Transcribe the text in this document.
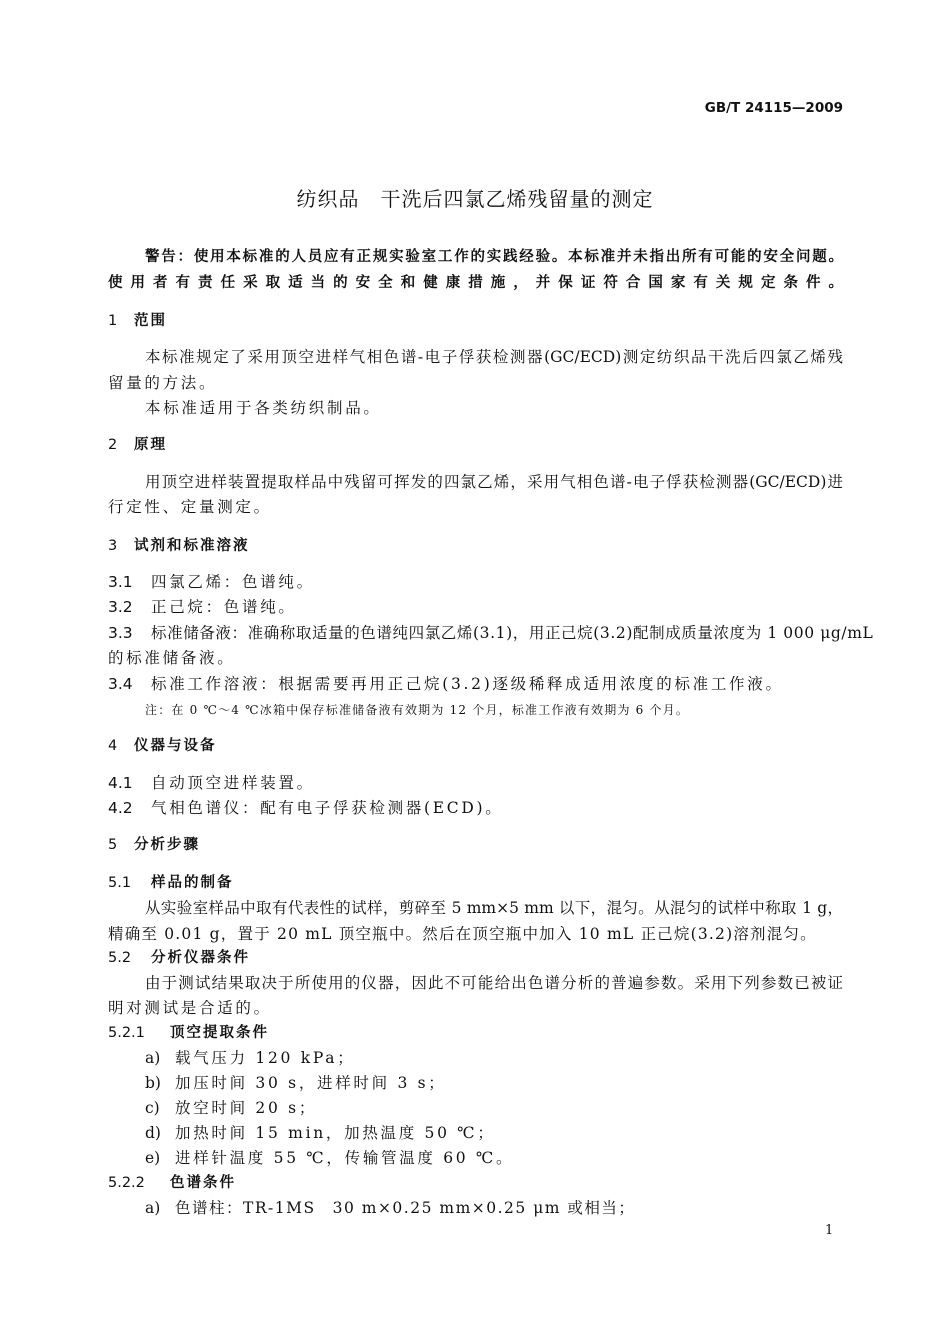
GB/T 24115—2009
纺织品　干洗后四氯乙烯残留量的测定
警告：使用本标准的人员应有正规实验室工作的实践经验。本标准并未指出所有可能的安全问题。
使用者有责任采取适当的安全和健康措施，并保证符合国家有关规定条件。
1 范围
本标准规定了采用顶空进样气相色谱-电子俘获检测器(GC/ECD)测定纺织品干洗后四氯乙烯残
留量的方法。
本标准适用于各类纺织制品。
2 原理
用顶空进样装置提取样品中残留可挥发的四氯乙烯，采用气相色谱-电子俘获检测器(GC/ECD)进
行定性、定量测定。
3 试剂和标准溶液
3.1 四氯乙烯：色谱纯。
3.2 正己烷：色谱纯。
3.3 标准储备液：准确称取适量的色谱纯四氯乙烯(3.1)，用正己烷(3.2)配制成质量浓度为 1 000 μg/mL
的标准储备液。
3.4 标准工作溶液：根据需要再用正己烷(3.2)逐级稀释成适用浓度的标准工作液。
注：在 0 ℃～4 ℃冰箱中保存标准储备液有效期为 12 个月，标准工作液有效期为 6 个月。
4 仪器与设备
4.1 自动顶空进样装置。
4.2 气相色谱仪：配有电子俘获检测器(ECD)。
5 分析步骤
5.1 样品的制备
从实验室样品中取有代表性的试样，剪碎至 5 mm×5 mm 以下，混匀。从混匀的试样中称取 1 g，
精确至 0.01 g，置于 20 mL 顶空瓶中。然后在顶空瓶中加入 10 mL 正己烷(3.2)溶剂混匀。
5.2 分析仪器条件
由于测试结果取决于所使用的仪器，因此不可能给出色谱分析的普遍参数。采用下列参数已被证
明对测试是合适的。
5.2.1 顶空提取条件
a) 载气压力 120 kPa；
b) 加压时间 30 s，进样时间 3 s；
c) 放空时间 20 s；
d) 加热时间 15 min，加热温度 50 ℃；
e) 进样针温度 55 ℃，传输管温度 60 ℃。
5.2.2 色谱条件
a) 色谱柱：TR-1MS　30 m×0.25 mm×0.25 μm 或相当；
1
